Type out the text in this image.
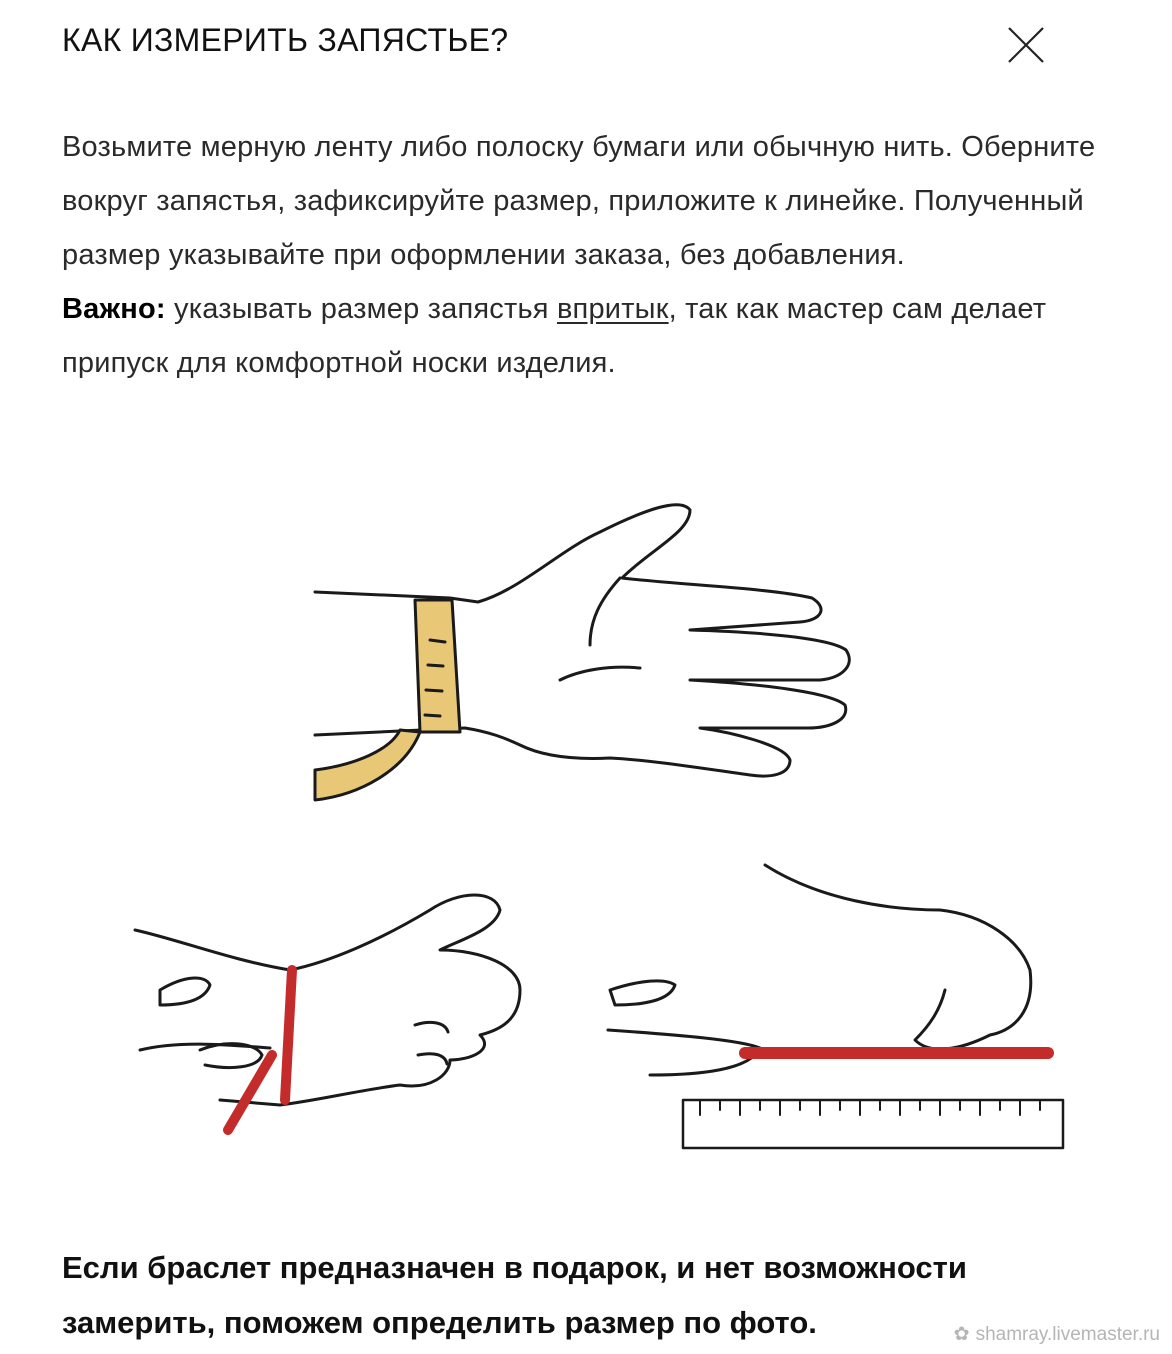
КАК ИЗМЕРИТЬ ЗАПЯСТЬЕ?
Возьмите мерную ленту либо полоску бумаги или обычную нить. Оберните вокруг запястья, зафиксируйте размер, приложите к линейке. Полученный размер указывайте при оформлении заказа, без добавления.
Важно: указывать размер запястья впритык, так как мастер сам делает припуск для комфортной носки изделия.
Если браслет предназначен в подарок, и нет возможности замерить, поможем определить размер по фото.	✿ shamray.livemaster.ru
